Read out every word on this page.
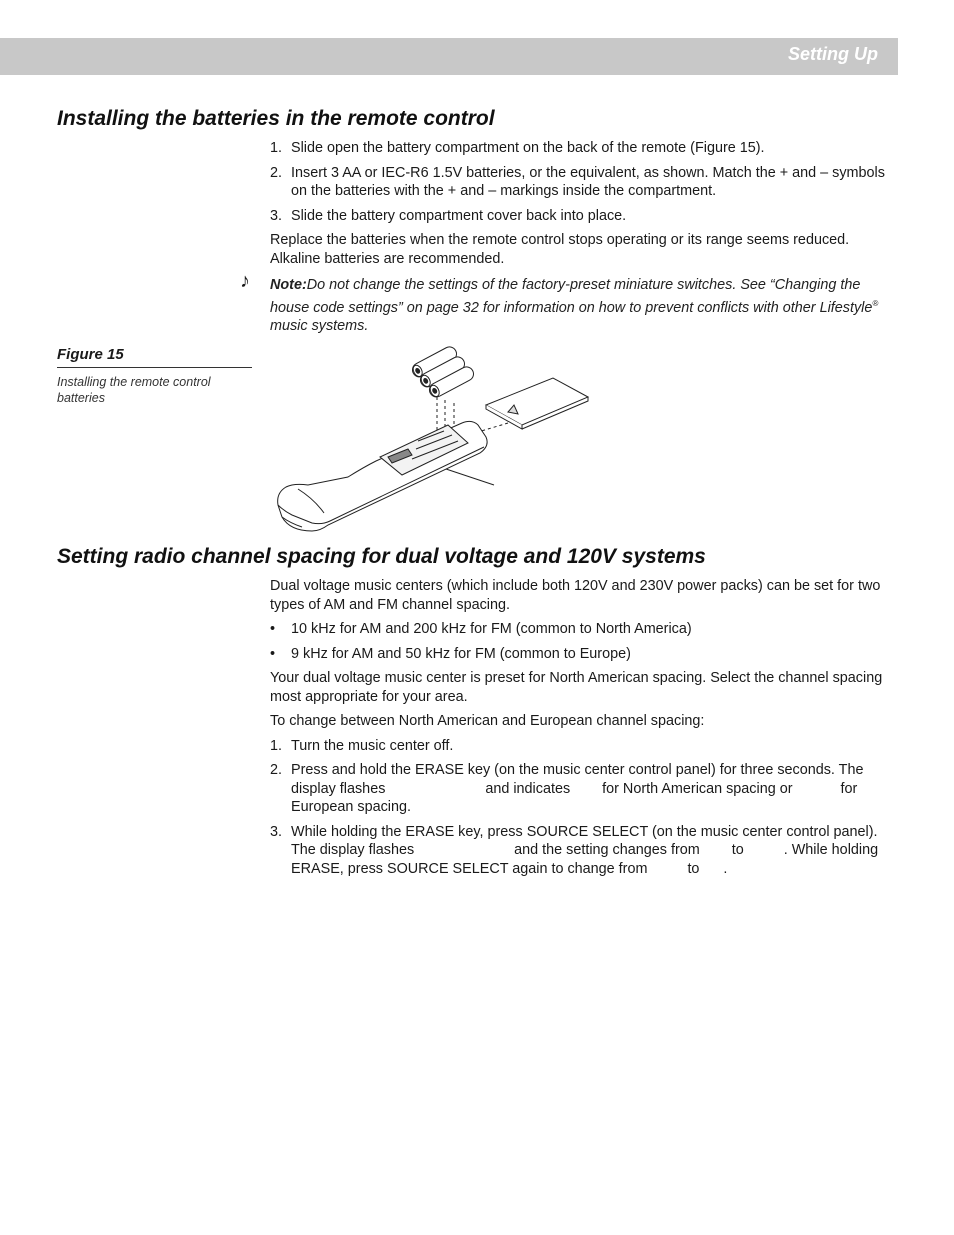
Setting Up
Installing the batteries in the remote control
1. Slide open the battery compartment on the back of the remote (Figure 15).
2. Insert 3 AA or IEC-R6 1.5V batteries, or the equivalent, as shown. Match the + and – symbols on the batteries with the + and – markings inside the compartment.
3. Slide the battery compartment cover back into place.

Replace the batteries when the remote control stops operating or its range seems reduced. Alkaline batteries are recommended.

♪ Note:Do not change the settings of the factory-preset miniature switches. See “Changing the house code settings” on page 32 for information on how to prevent conflicts with other Lifestyle® music systems.
Figure 15
Installing the remote control batteries
Setting radio channel spacing for dual voltage and 120V systems

Dual voltage music centers (which include both 120V and 230V power packs) can be set for two types of AM and FM channel spacing.

• 10 kHz for AM and 200 kHz for FM (common to North America)
• 9 kHz for AM and 50 kHz for FM (common to Europe)

Your dual voltage music center is preset for North American spacing. Select the channel spacing most appropriate for your area.

To change between North American and European channel spacing:

1. Turn the music center off.
2. Press and hold the ERASE key (on the music center control panel) for three seconds. The display flashes                         and indicates        for North American spacing or            for European spacing.
3. While holding the ERASE key, press SOURCE SELECT (on the music center control panel). The display flashes                         and the setting changes from        to          . While holding ERASE, press SOURCE SELECT again to change from          to      .
